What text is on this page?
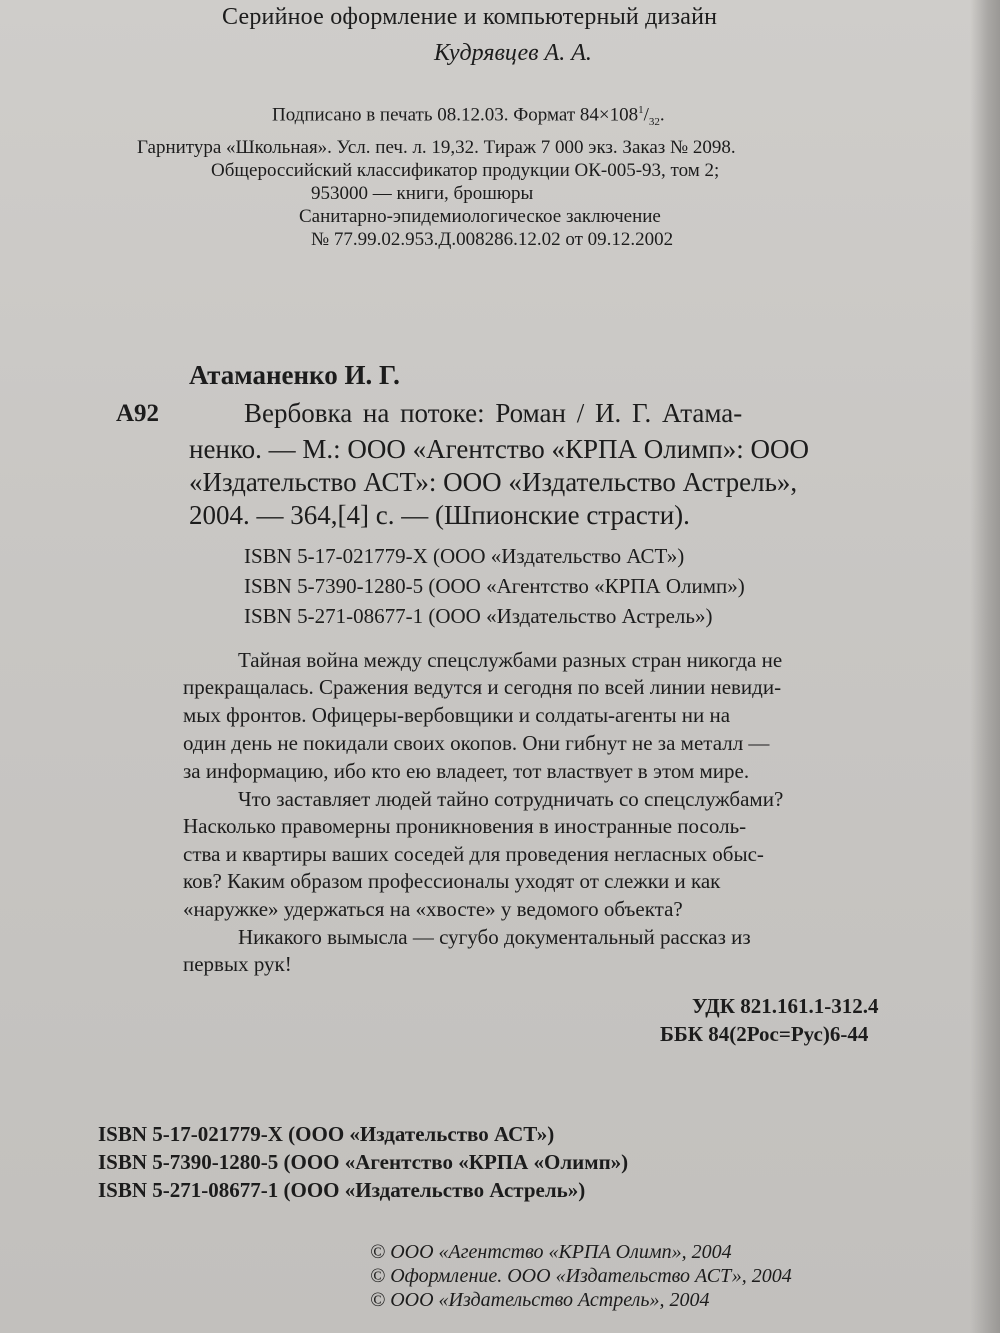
Серийное оформление и компьютерный дизайн
Кудрявцев А. А.
Подписано в печать 08.12.03. Формат $84\times 108^1/_{32}$.
Гарнитура «Школьная». Усл. печ. л. 19,32. Тираж 7 000 экз. Заказ № 2098.
Общероссийский классификатор продукции ОК-005-93, том 2;
953000 — книги, брошюры
Санитарно-эпидемиологическое заключение
№ 77.99.02.953.Д.008286.12.02 от 09.12.2002
Атаманенко И. Г.
А92	Вербовка на потоке: Роман / И. Г. Атама-
ненко. — М.: ООО «Агентство «КРПА Олимп»: ООО
«Издательство АСТ»: ООО «Издательство Астрель»,
2004. — 364,[4] с. — (Шпионские страсти).
ISBN 5-17-021779-Х (ООО «Издательство АСТ»)
ISBN 5-7390-1280-5 (ООО «Агентство «КРПА Олимп»)
ISBN 5-271-08677-1 (ООО «Издательство Астрель»)
Тайная война между спецслужбами разных стран никогда не
прекращалась. Сражения ведутся и сегодня по всей линии невиди-
мых фронтов. Офицеры-вербовщики и солдаты-агенты ни на
один день не покидали своих окопов. Они гибнут не за металл —
за информацию, ибо кто ею владеет, тот властвует в этом мире.
Что заставляет людей тайно сотрудничать со спецслужбами?
Насколько правомерны проникновения в иностранные посоль-
ства и квартиры ваших соседей для проведения негласных обыс-
ков? Каким образом профессионалы уходят от слежки и как
«наружке» удержаться на «хвосте» у ведомого объекта?
Никакого вымысла — сугубо документальный рассказ из
первых рук!
УДК 821.161.1-312.4
ББК 84(2Рос=Рус)6-44
ISBN 5-17-021779-Х (ООО «Издательство АСТ»)
ISBN 5-7390-1280-5 (ООО «Агентство «КРПА «Олимп»)
ISBN 5-271-08677-1 (ООО «Издательство Астрель»)
© ООО «Агентство «КРПА Олимп», 2004
© Оформление. ООО «Издательство АСТ», 2004
© ООО «Издательство Астрель», 2004
